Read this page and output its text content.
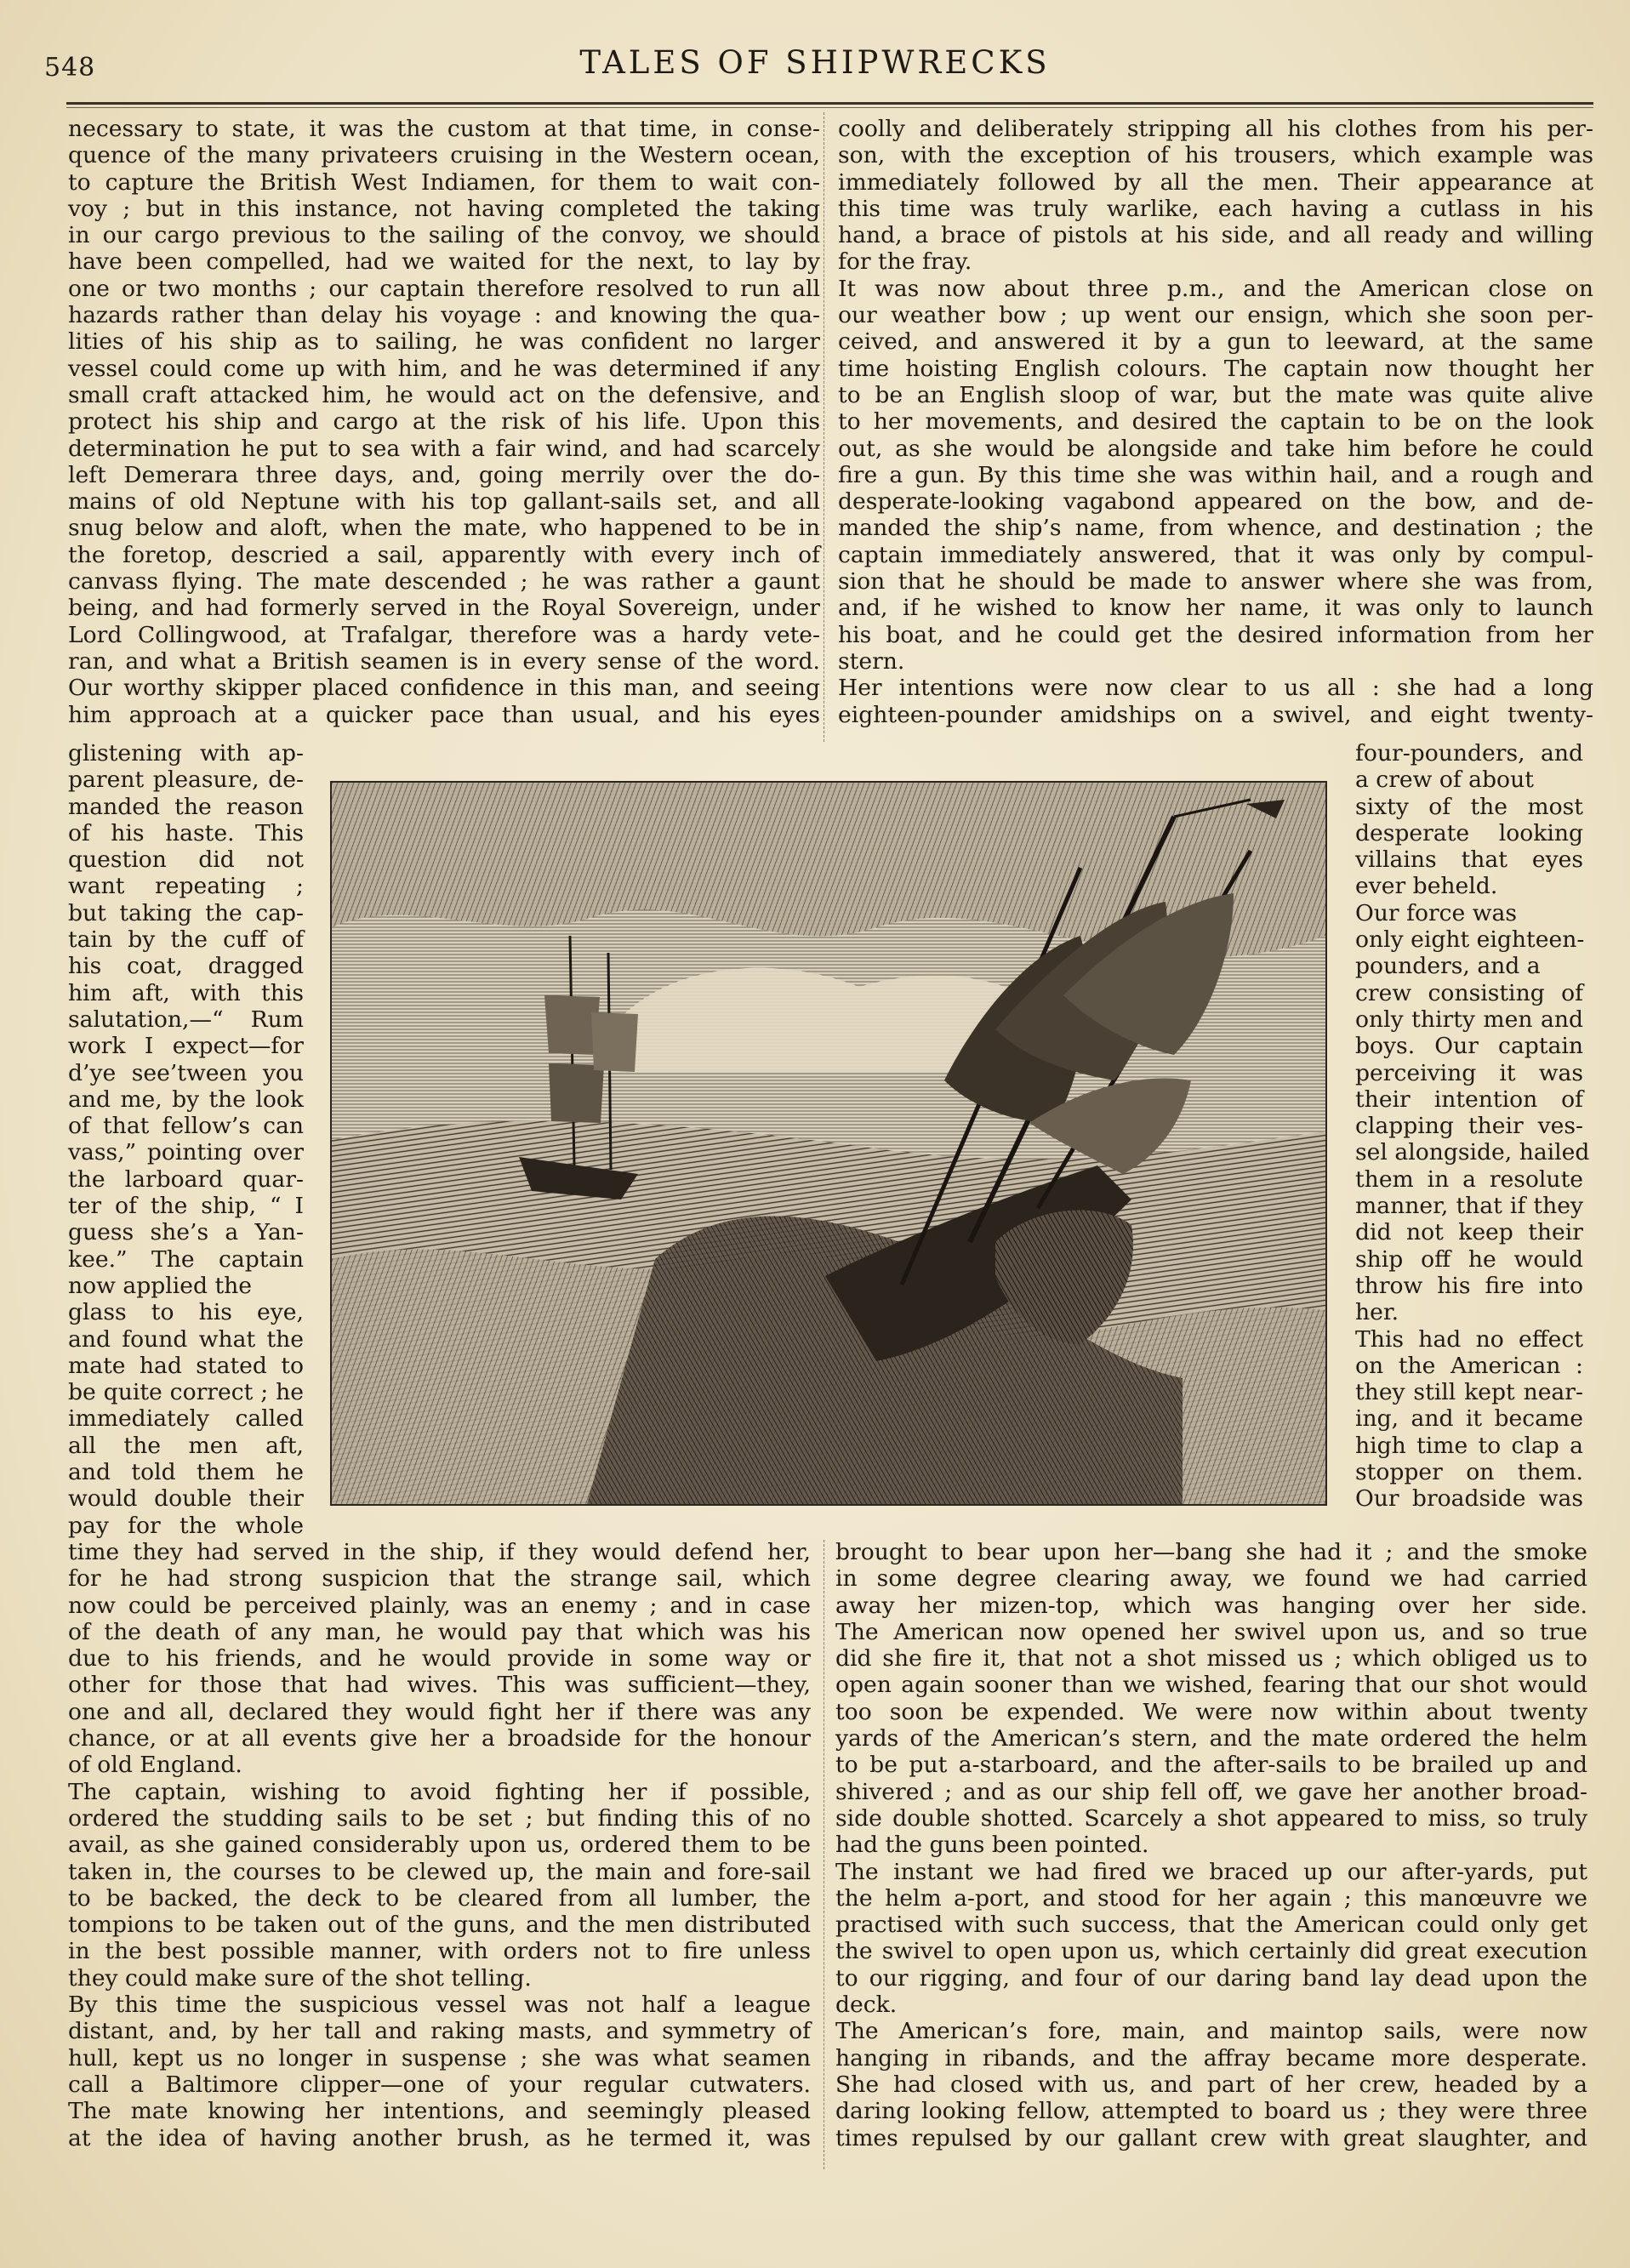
548	TALES OF SHIPWRECKS
necessary to state, it was the custom at that time, in conse-
quence of the many privateers cruising in the Western ocean,
to capture the British West Indiamen, for them to wait con-
voy ; but in this instance, not having completed the taking
in our cargo previous to the sailing of the convoy, we should
have been compelled, had we waited for the next, to lay by
one or two months ; our captain therefore resolved to run all
hazards rather than delay his voyage : and knowing the qua-
lities of his ship as to sailing, he was confident no larger
vessel could come up with him, and he was determined if any
small craft attacked him, he would act on the defensive, and
protect his ship and cargo at the risk of his life. Upon this
determination he put to sea with a fair wind, and had scarcely
left Demerara three days, and, going merrily over the do-
mains of old Neptune with his top gallant-sails set, and all
snug below and aloft, when the mate, who happened to be in
the foretop, descried a sail, apparently with every inch of
canvass flying. The mate descended ; he was rather a gaunt
being, and had formerly served in the Royal Sovereign, under
Lord Collingwood, at Trafalgar, therefore was a hardy vete-
ran, and what a British seamen is in every sense of the word.
Our worthy skipper placed confidence in this man, and seeing
him approach at a quicker pace than usual, and his eyes
glistening with ap-
parent pleasure, de-
manded the reason
of his haste. This
question did not
want repeating ;
but taking the cap-
tain by the cuff of
his coat, dragged
him aft, with this
salutation,—“ Rum
work I expect—for
d’ye see’tween you
and me, by the look
of that fellow’s can
vass,” pointing over
the larboard quar-
ter of the ship, “ I
guess she’s a Yan-
kee.” The captain
now applied the
glass to his eye,
and found what the
mate had stated to
be quite correct ; he
immediately called
all the men aft,
and told them he
would double their
pay for the whole
time they had served in the ship, if they would defend her,
for he had strong suspicion that the strange sail, which
now could be perceived plainly, was an enemy ; and in case
of the death of any man, he would pay that which was his
due to his friends, and he would provide in some way or
other for those that had wives. This was sufficient—they,
one and all, declared they would fight her if there was any
chance, or at all events give her a broadside for the honour
of old England.
The captain, wishing to avoid fighting her if possible,
ordered the studding sails to be set ; but finding this of no
avail, as she gained considerably upon us, ordered them to be
taken in, the courses to be clewed up, the main and fore-sail
to be backed, the deck to be cleared from all lumber, the
tompions to be taken out of the guns, and the men distributed
in the best possible manner, with orders not to fire unless
they could make sure of the shot telling.
By this time the suspicious vessel was not half a league
distant, and, by her tall and raking masts, and symmetry of
hull, kept us no longer in suspense ; she was what seamen
call a Baltimore clipper—one of your regular cutwaters.
The mate knowing her intentions, and seemingly pleased
at the idea of having another brush, as he termed it, was
coolly and deliberately stripping all his clothes from his per-
son, with the exception of his trousers, which example was
immediately followed by all the men. Their appearance at
this time was truly warlike, each having a cutlass in his
hand, a brace of pistols at his side, and all ready and willing
for the fray.
It was now about three p.m., and the American close on
our weather bow ; up went our ensign, which she soon per-
ceived, and answered it by a gun to leeward, at the same
time hoisting English colours. The captain now thought her
to be an English sloop of war, but the mate was quite alive
to her movements, and desired the captain to be on the look
out, as she would be alongside and take him before he could
fire a gun. By this time she was within hail, and a rough and
desperate-looking vagabond appeared on the bow, and de-
manded the ship’s name, from whence, and destination ; the
captain immediately answered, that it was only by compul-
sion that he should be made to answer where she was from,
and, if he wished to know her name, it was only to launch
his boat, and he could get the desired information from her
stern.
Her intentions were now clear to us all : she had a long
eighteen-pounder amidships on a swivel, and eight twenty-
four-pounders, and
a crew of about
sixty of the most
desperate looking
villains that eyes
ever beheld.
Our force was
only eight eighteen-
pounders, and a
crew consisting of
only thirty men and
boys. Our captain
perceiving it was
their intention of
clapping their ves-
sel alongside, hailed
them in a resolute
manner, that if they
did not keep their
ship off he would
throw his fire into
her.
This had no effect
on the American :
they still kept near-
ing, and it became
high time to clap a
stopper on them.
Our broadside was
brought to bear upon her—bang she had it ; and the smoke
in some degree clearing away, we found we had carried
away her mizen-top, which was hanging over her side.
The American now opened her swivel upon us, and so true
did she fire it, that not a shot missed us ; which obliged us to
open again sooner than we wished, fearing that our shot would
too soon be expended. We were now within about twenty
yards of the American’s stern, and the mate ordered the helm
to be put a-starboard, and the after-sails to be brailed up and
shivered ; and as our ship fell off, we gave her another broad-
side double shotted. Scarcely a shot appeared to miss, so truly
had the guns been pointed.
The instant we had fired we braced up our after-yards, put
the helm a-port, and stood for her again ; this manœuvre we
practised with such success, that the American could only get
the swivel to open upon us, which certainly did great execution
to our rigging, and four of our daring band lay dead upon the
deck.
The American’s fore, main, and maintop sails, were now
hanging in ribands, and the affray became more desperate.
She had closed with us, and part of her crew, headed by a
daring looking fellow, attempted to board us ; they were three
times repulsed by our gallant crew with great slaughter, and
